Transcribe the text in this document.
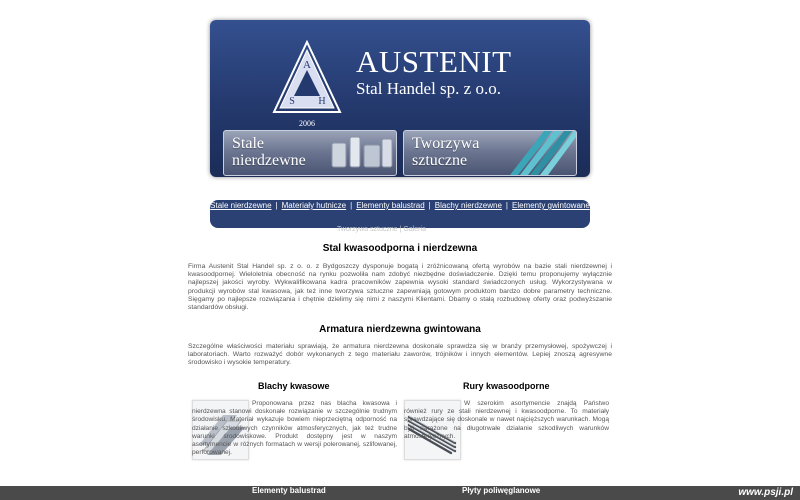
A
S H
2006
AUSTENIT
Stal Handel sp. z o.o.
Stale
nierdzewne
Tworzywa
sztuczne
Stale nierdzewne | Materiały hutnicze | Elementy balustrad | Blachy nierdzewne | Elementy gwintowane
Tworzywa sztuczne | Galeria
Stal kwasoodporna i nierdzewna

Firma Austenit Stal Handel sp. z o. o. z Bydgoszczy dysponuje bogatą i zróżnicowaną ofertą wyrobów na bazie stali nierdzewnej i kwasoodpornej. Wieloletnia obecność na rynku pozwoliła nam zdobyć niezbędne doświadczenie. Dzięki temu proponujemy wyłącznie najlepszej jakości wyroby. Wykwalifikowana kadra pracowników zapewnia wysoki standard świadczonych usług. Wykorzystywana w produkcji wyrobów stal kwasowa, jak też inne tworzywa sztuczne zapewniają gotowym produktom bardzo dobre parametry techniczne. Sięgamy po najlepsze rozwiązania i chętnie dzielimy się nimi z naszymi Klientami. Dbamy o stałą rozbudowę oferty oraz podwyższanie standardów obsługi.

Armatura nierdzewna gwintowana

Szczególne właściwości materiału sprawiają, że armatura nierdzewna doskonale sprawdza się w branży przemysłowej, spożywczej i laboratoriach. Warto rozważyć dobór wykonanych z tego materiału zaworów, trójników i innych elementów. Lepiej znoszą agresywne środowisko i wysokie temperatury.

Blachy kwasowe

Proponowana przez nas blacha kwasowa i nierdzewna stanowi doskonałe rozwiązanie w szczególnie trudnym środowisku. Materiał wykazuje bowiem nieprzeciętną odporność na działanie szkodliwych czynników atmosferycznych, jak też trudne warunki środowiskowe. Produkt dostępny jest w naszym asortymencie w różnych formatach w wersji polerowanej, szlifowanej, perforowanej.

Rury kwasoodporne

W szerokim asortymencie znajdą Państwo również rury ze stali nierdzewnej i kwasoodporne. To materiały sprawdzające się doskonale w nawet najcięższych warunkach. Mogą być narażone na długotrwałe działanie szkodliwych warunków atmosferycznych.

Elementy balustrad	Płyty poliwęglanowe	www.psji.pl
